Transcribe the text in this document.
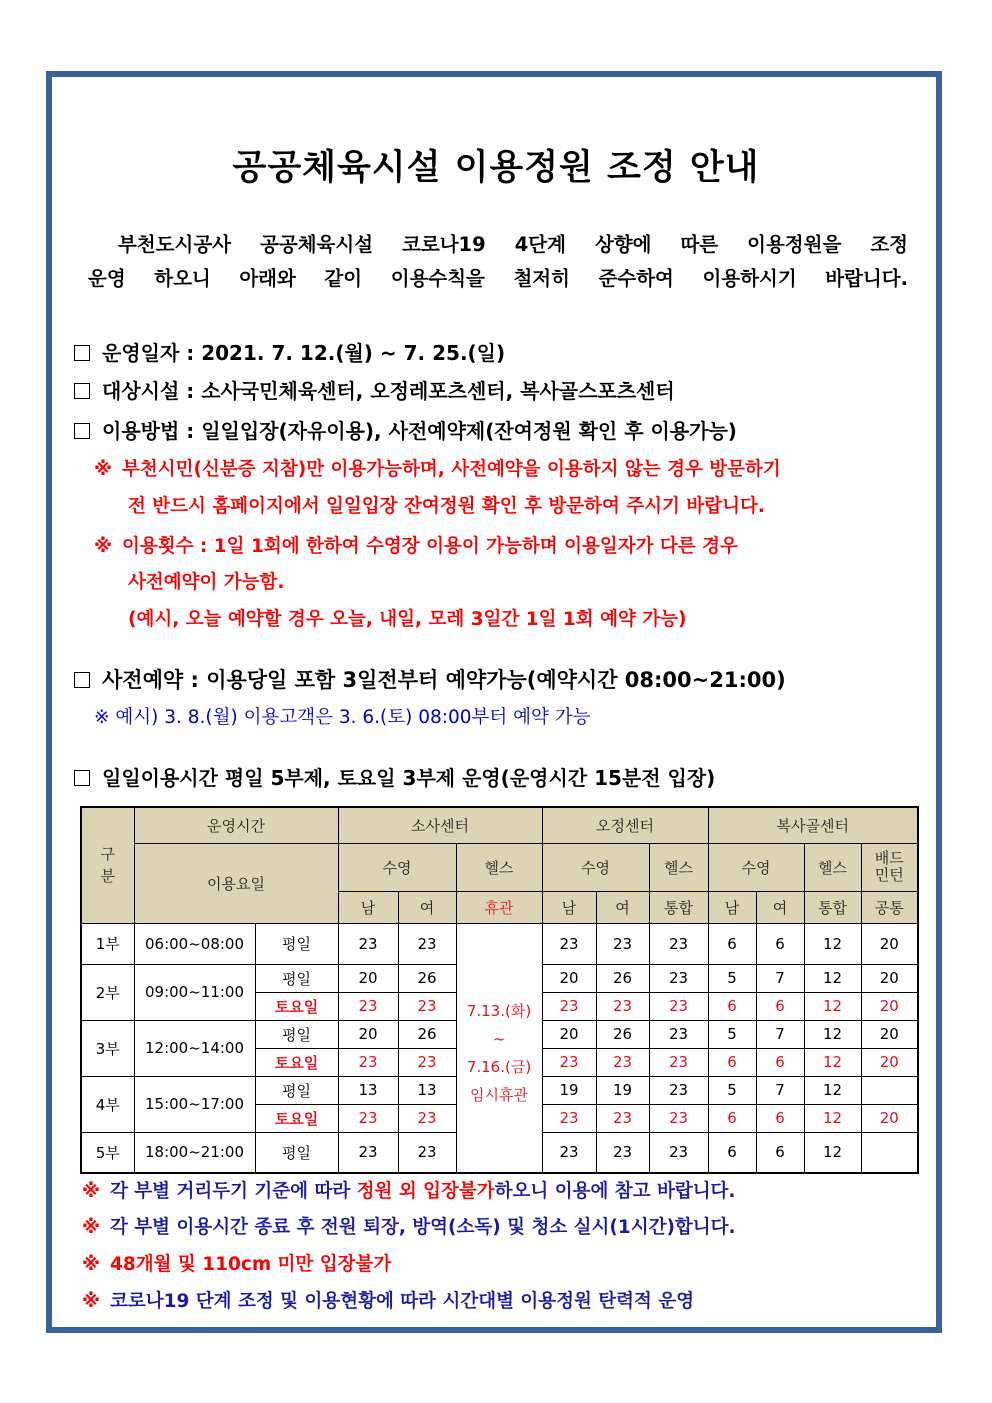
공공체육시설 이용정원 조정 안내
부천도시공사 공공체육시설 코로나19 4단계 상향에 따른 이용정원을 조정
운영 하오니 아래와 같이 이용수칙을 철저히 준수하여 이용하시기 바랍니다.
운영일자 : 2021. 7. 12.(월) ~ 7. 25.(일)
대상시설 : 소사국민체육센터, 오정레포츠센터, 복사골스포츠센터
이용방법 : 일일입장(자유이용), 사전예약제(잔여정원 확인 후 이용가능)
※ 부천시민(신분증 지참)만 이용가능하며, 사전예약을 이용하지 않는 경우 방문하기
전 반드시 홈페이지에서 일일입장 잔여정원 확인 후 방문하여 주시기 바랍니다.
※ 이용횟수 : 1일 1회에 한하여 수영장 이용이 가능하며 이용일자가 다른 경우
사전예약이 가능함.
(예시, 오늘 예약할 경우 오늘, 내일, 모레 3일간 1일 1회 예약 가능)
사전예약 : 이용당일 포함 3일전부터 예약가능(예약시간 08:00~21:00)
※ 예시) 3. 8.(월) 이용고객은 3. 6.(토) 08:00부터 예약 가능
일일이용시간 평일 5부제, 토요일 3부제 운영(운영시간 15분전 입장)
구분	운영시간		소사센터			오정센터			복사골센터			
	이용요일		수영		헬스	수영		헬스	수영		헬스	배드민턴
			남	여	휴관	남	여	통합	남	여	통합	공통
1부	06:00~08:00	평일	23	23	7.13.(화)
~
7.16.(금)
임시휴관	23	23	23	6	6	12	20
2부	09:00~11:00	평일	20	26		20	26	23	5	7	12	20
		토요일	23	23		23	23	23	6	6	12	20
3부	12:00~14:00	평일	20	26		20	26	23	5	7	12	20
		토요일	23	23		23	23	23	6	6	12	20
4부	15:00~17:00	평일	13	13		19	19	23	5	7	12	
		토요일	23	23		23	23	23	6	6	12	20
5부	18:00~21:00	평일	23	23		23	23	23	6	6	12	
※ 각 부별 거리두기 기준에 따라 정원 외 입장불가하오니 이용에 참고 바랍니다.
※ 각 부별 이용시간 종료 후 전원 퇴장, 방역(소독) 및 청소 실시(1시간)합니다.
※ 48개월 및 110cm 미만 입장불가
※ 코로나19 단계 조정 및 이용현황에 따라 시간대별 이용정원 탄력적 운영
